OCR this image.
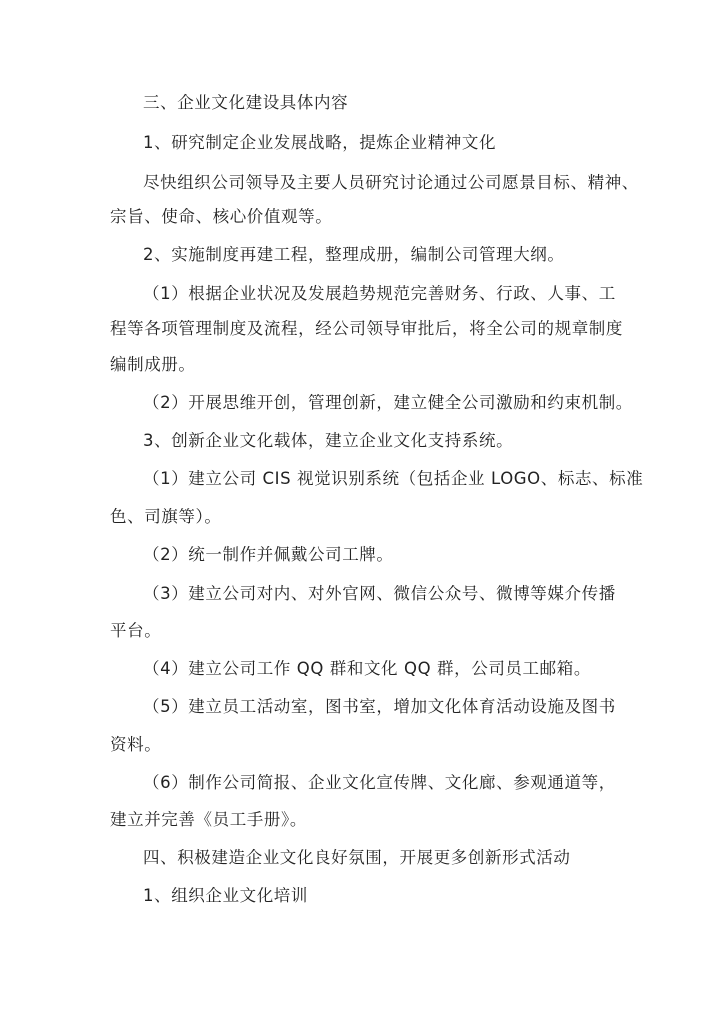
三、企业文化建设具体内容
1、研究制定企业发展战略，提炼企业精神文化
尽快组织公司领导及主要人员研究讨论通过公司愿景目标、精神、
宗旨、使命、核心价值观等。
2、实施制度再建工程，整理成册，编制公司管理大纲。
（1）根据企业状况及发展趋势规范完善财务、行政、人事、工
程等各项管理制度及流程，经公司领导审批后，将全公司的规章制度
编制成册。
（2）开展思维开创，管理创新，建立健全公司激励和约束机制。
3、创新企业文化载体，建立企业文化支持系统。
（1）建立公司 CIS 视觉识别系统（包括企业 LOGO、标志、标准
色、司旗等）。
（2）统一制作并佩戴公司工牌。
（3）建立公司对内、对外官网、微信公众号、微博等媒介传播
平台。
（4）建立公司工作 QQ 群和文化 QQ 群，公司员工邮箱。
（5）建立员工活动室，图书室，增加文化体育活动设施及图书
资料。
（6）制作公司简报、企业文化宣传牌、文化廊、参观通道等，
建立并完善《员工手册》。
四、积极建造企业文化良好氛围，开展更多创新形式活动
1、组织企业文化培训
